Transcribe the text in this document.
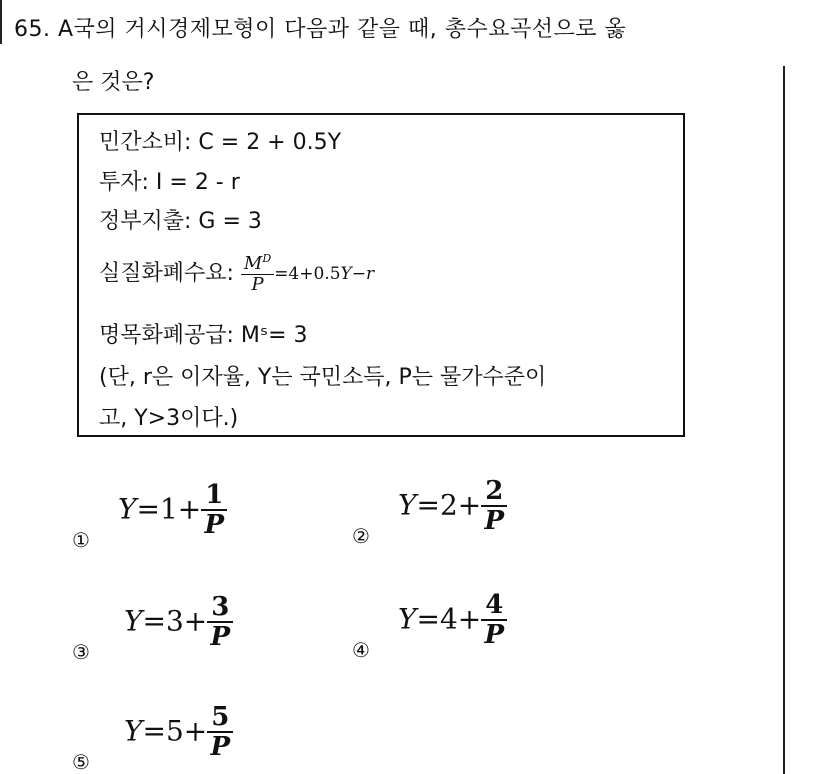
65. A국의 거시경제모형이 다음과 같을 때, 총수요곡선으로 옳
은 것은?
민간소비: C = 2 + 0.5Y
투자: I = 2 - r
정부지출: G = 3
실질화폐수요: $\frac{M^D}{P} =4+0.5Y-r$
명목화폐공급: Mˢ= 3
(단, r은 이자율, Y는 국민소득, P는 물가수준이
고, Y>3이다.)
①
$Y=1+ \frac{1}{P}$	②
$Y=2+ \frac{2}{P}$
③
$Y=3+ \frac{3}{P}$	④
$Y=4+ \frac{4}{P}$
⑤
$Y=5+ \frac{5}{P}$
